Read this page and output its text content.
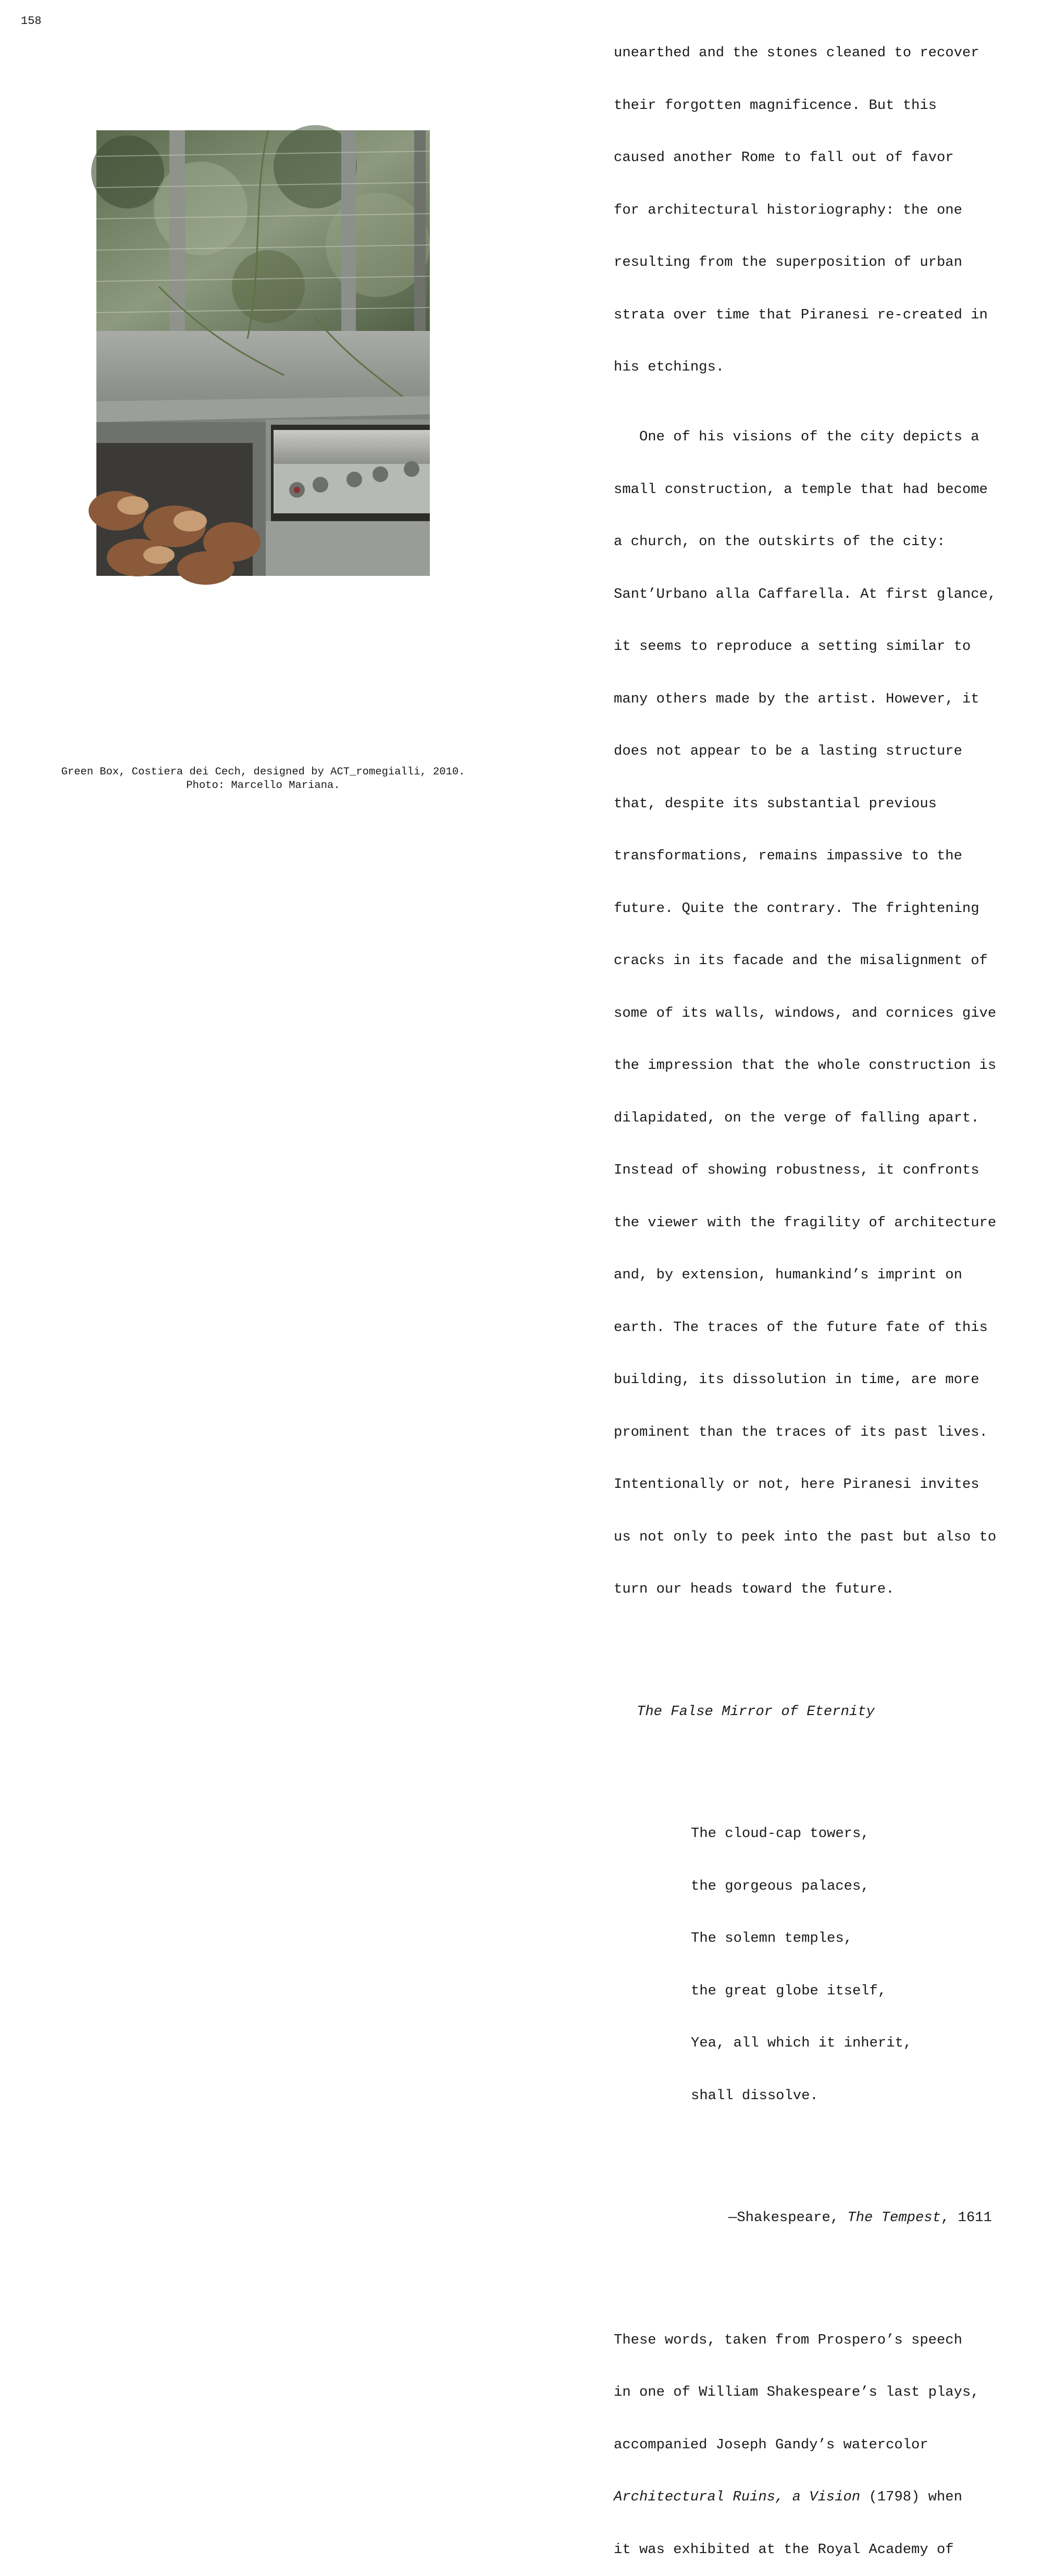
158
Green Box, Costiera dei Cech, designed by ACT_romegialli, 2010.
Photo: Marcello Mariana.

unearthed and the stones cleaned to recover

their forgotten magnificence. But this

caused another Rome to fall out of favor

for architectural historiography: the one

resulting from the superposition of urban

strata over time that Piranesi re-created in

his etchings.

One of his visions of the city depicts a

small construction, a temple that had become

a church, on the outskirts of the city:

Sant’Urbano alla Caffarella. At first glance,

it seems to reproduce a setting similar to

many others made by the artist. However, it

does not appear to be a lasting structure

that, despite its substantial previous

transformations, remains impassive to the

future. Quite the contrary. The frightening

cracks in its facade and the misalignment of

some of its walls, windows, and cornices give

the impression that the whole construction is

dilapidated, on the verge of falling apart.

Instead of showing robustness, it confronts

the viewer with the fragility of architecture

and, by extension, humankind’s imprint on

earth. The traces of the future fate of this

building, its dissolution in time, are more

prominent than the traces of its past lives.

Intentionally or not, here Piranesi invites

us not only to peek into the past but also to

turn our heads toward the future.

The False Mirror of Eternity

The cloud-cap towers,

the gorgeous palaces,

The solemn temples,

the great globe itself,

Yea, all which it inherit,

shall dissolve.

—Shakespeare, The Tempest, 1611

These words, taken from Prospero’s speech

in one of William Shakespeare’s last plays,

accompanied Joseph Gandy’s watercolor

Architectural Ruins, a Vision (1798) when

it was exhibited at the Royal Academy of
